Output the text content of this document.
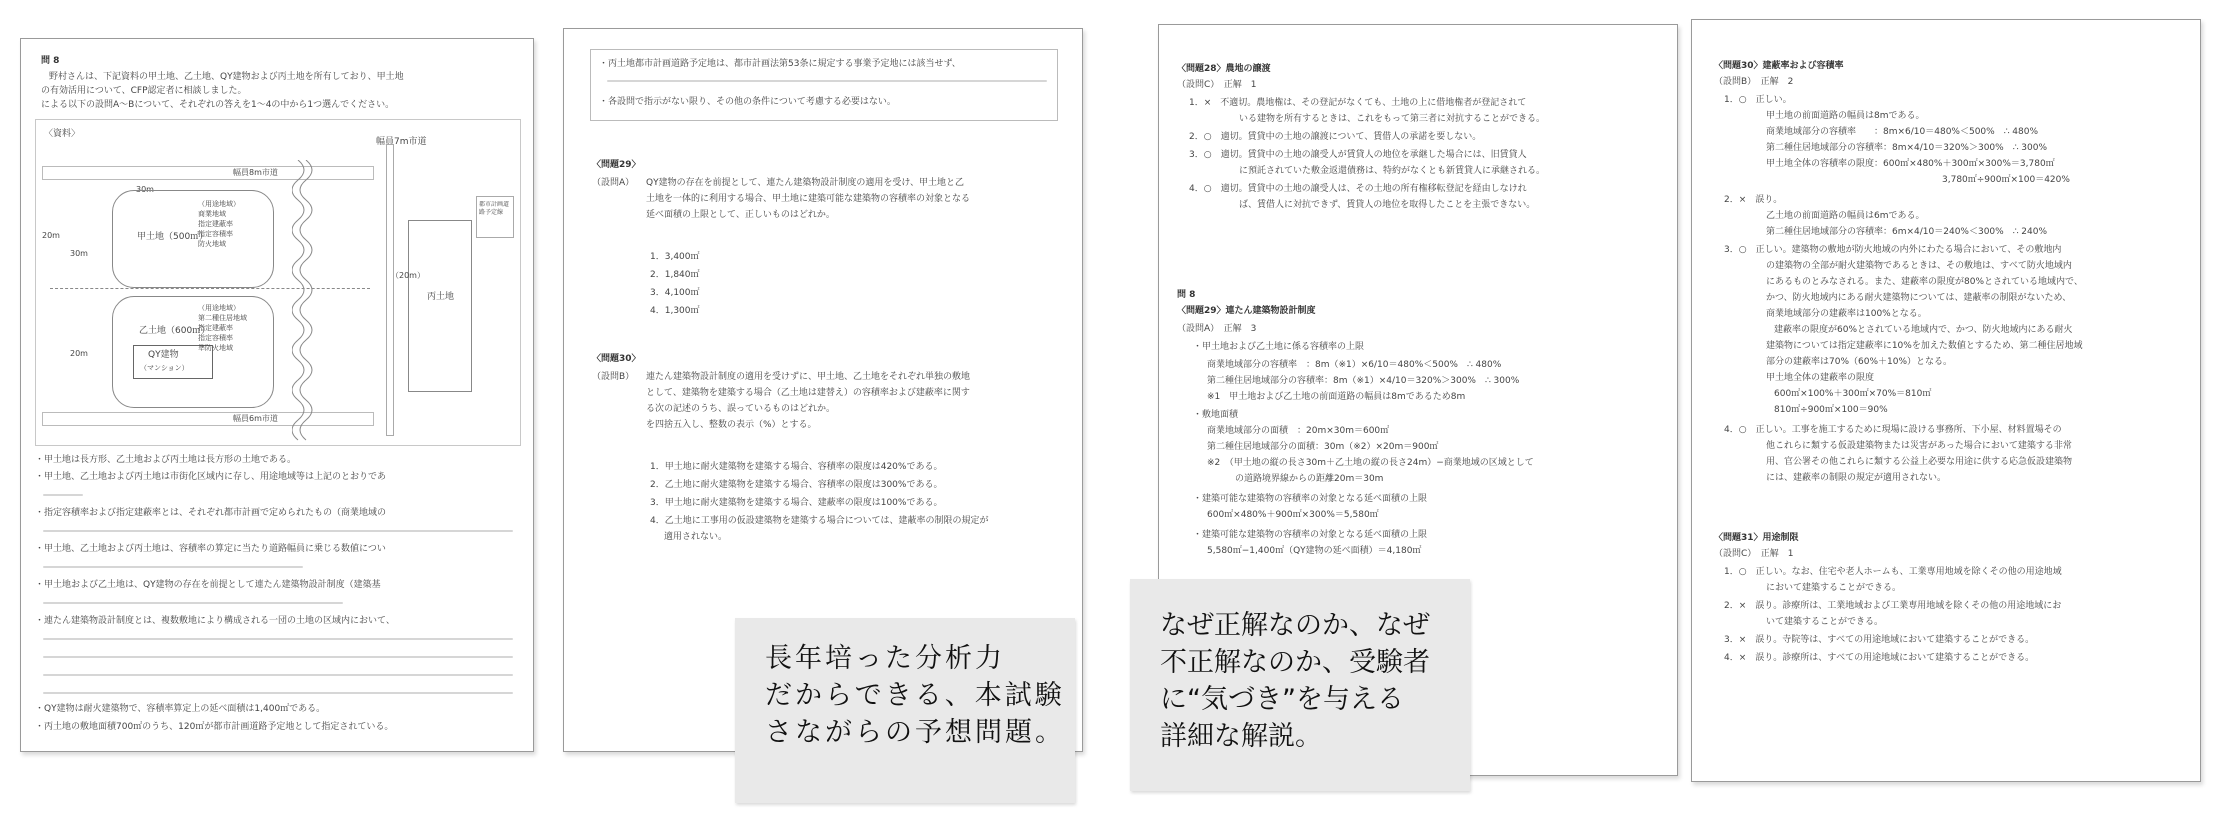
問 8
野村さんは、下記資料の甲土地、乙土地、QY建物および丙土地を所有しており、甲土地
の有効活用について、CFP認定者に相談しました。
による以下の設問A〜Bについて、それぞれの答えを1〜4の中から1つ選んでください。
〈資料〉
幅員7m市道
幅員8m市道
30m
甲土地（500㎡）
乙土地（600㎡）
QY建物
（マンション）
20m
30m
20m
（用途地域）
商業地域
指定建蔽率
指定容積率
防火地域
（用途地域）
第二種住居地域
指定建蔽率
指定容積率
準防火地域
幅員6m市道
丙土地
（20m）
都市計画道路予定線
・甲土地は長方形、乙土地および丙土地は長方形の土地である。
・甲土地、乙土地および丙土地は市街化区域内に存し、用途地域等は上記のとおりであ
・指定容積率および指定建蔽率とは、それぞれ都市計画で定められたもの（商業地域の
・甲土地、乙土地および丙土地は、容積率の算定に当たり道路幅員に乗じる数値につい
・甲土地および乙土地は、QY建物の存在を前提として連たん建築物設計制度（建築基
・連たん建築物設計制度とは、複数敷地により構成される一団の土地の区域内において、
・QY建物は耐火建築物で、容積率算定上の延べ面積は1,400㎡である。
・丙土地の敷地面積700㎡のうち、120㎡が都市計画道路予定地として指定されている。
・丙土地都市計画道路予定地は、都市計画法第53条に規定する事業予定地には該当せず、
・各設問で指示がない限り、その他の条件について考慮する必要はない。
〈問題29〉
（設問A） QY建物の存在を前提として、連たん建築物設計制度の適用を受け、甲土地と乙
土地を一体的に利用する場合、甲土地に建築可能な建築物の容積率の対象となる
延べ面積の上限として、正しいものはどれか。
1．3,400㎡
2．1,840㎡
3．4,100㎡
4．1,300㎡
〈問題30〉
（設問B） 連たん建築物設計制度の適用を受けずに、甲土地、乙土地をそれぞれ単独の敷地
として、建築物を建築する場合（乙土地は建替え）の容積率および建蔽率に関す
る次の記述のうち、誤っているものはどれか。
を四捨五入し、整数の表示（%）とする。
1．甲土地に耐火建築物を建築する場合、容積率の限度は420%である。
2．乙土地に耐火建築物を建築する場合、容積率の限度は300%である。
3．甲土地に耐火建築物を建築する場合、建蔽率の限度は100%である。
4．乙土地に工事用の仮設建築物を建築する場合については、建蔽率の制限の規定が
適用されない。
〈問題28〉農地の譲渡
（設問C）　正解　1
1．×　不適切。農地権は、その登記がなくても、土地の上に借地権者が登記されて
いる建物を所有するときは、これをもって第三者に対抗することができる。
2．○　適切。賃貸中の土地の譲渡について、賃借人の承諾を要しない。
3．○　適切。賃貸中の土地の譲受人が賃貸人の地位を承継した場合には、旧賃貸人
に預託されていた敷金返還債務は、特約がなくとも新賃貸人に承継される。
4．○　適切。賃貸中の土地の譲受人は、その土地の所有権移転登記を経由しなけれ
ば、賃借人に対抗できず、賃貸人の地位を取得したことを主張できない。
問 8
〈問題29〉連たん建築物設計制度
（設問A）　正解　3
・甲土地および乙土地に係る容積率の上限
商業地域部分の容積率　：8m（※1）×6/10＝480%＜500%　∴ 480%
第二種住居地域部分の容積率：8m（※1）×4/10＝320%＞300%　∴ 300%
※1　甲土地および乙土地の前面道路の幅員は8mであるため8m
・敷地面積
商業地域部分の面積　：20m×30m＝600㎡
第二種住居地域部分の面積：30m（※2）×20m＝900㎡
※2　（甲土地の縦の長さ30m＋乙土地の縦の長さ24m）−商業地域の区域として
の道路境界線からの距離20m＝30m
・建築可能な建築物の容積率の対象となる延べ面積の上限
600㎡×480%＋900㎡×300%＝5,580㎡
・建築可能な建築物の容積率の対象となる延べ面積の上限
5,580㎡−1,400㎡（QY建物の延べ面積）＝4,180㎡
〈問題30〉建蔽率および容積率
（設問B）　正解　2
1．○　正しい。
甲土地の前面道路の幅員は8mである。
商業地域部分の容積率　　：8m×6/10＝480%＜500%　∴ 480%
第二種住居地域部分の容積率：8m×4/10＝320%＞300%　∴ 300%
甲土地全体の容積率の限度：600㎡×480%＋300㎡×300%＝3,780㎡
3,780㎡÷900㎡×100＝420%
2．×　誤り。
乙土地の前面道路の幅員は6mである。
第二種住居地域部分の容積率：6m×4/10＝240%＜300%　∴ 240%
3．○　正しい。建築物の敷地が防火地域の内外にわたる場合において、その敷地内
の建築物の全部が耐火建築物であるときは、その敷地は、すべて防火地域内
にあるものとみなされる。また、建蔽率の限度が80%とされている地域内で、
かつ、防火地域内にある耐火建築物については、建蔽率の制限がないため、
商業地域部分の建蔽率は100%となる。
建蔽率の限度が60%とされている地域内で、かつ、防火地域内にある耐火
建築物については指定建蔽率に10%を加えた数値とするため、第二種住居地域
部分の建蔽率は70%（60%＋10%）となる。
甲土地全体の建蔽率の限度
600㎡×100%＋300㎡×70%＝810㎡
810㎡÷900㎡×100＝90%
4．○　正しい。工事を施工するために現場に設ける事務所、下小屋、材料置場その
他これらに類する仮設建築物または災害があった場合において建築する非常
用、官公署その他これらに類する公益上必要な用途に供する応急仮設建築物
には、建蔽率の制限の規定が適用されない。
〈問題31〉用途制限
（設問C）　正解　1
1．○　正しい。なお、住宅や老人ホームも、工業専用地域を除くその他の用途地域
において建築することができる。
2．×　誤り。診療所は、工業地域および工業専用地域を除くその他の用途地域にお
いて建築することができる。
3．×　誤り。寺院等は、すべての用途地域において建築することができる。
4．×　誤り。診療所は、すべての用途地域において建築することができる。
長年培った分析力
だからできる、本試験
さながらの予想問題。
なぜ正解なのか、なぜ
不正解なのか、受験者
に“気づき”を与える
詳細な解説。
